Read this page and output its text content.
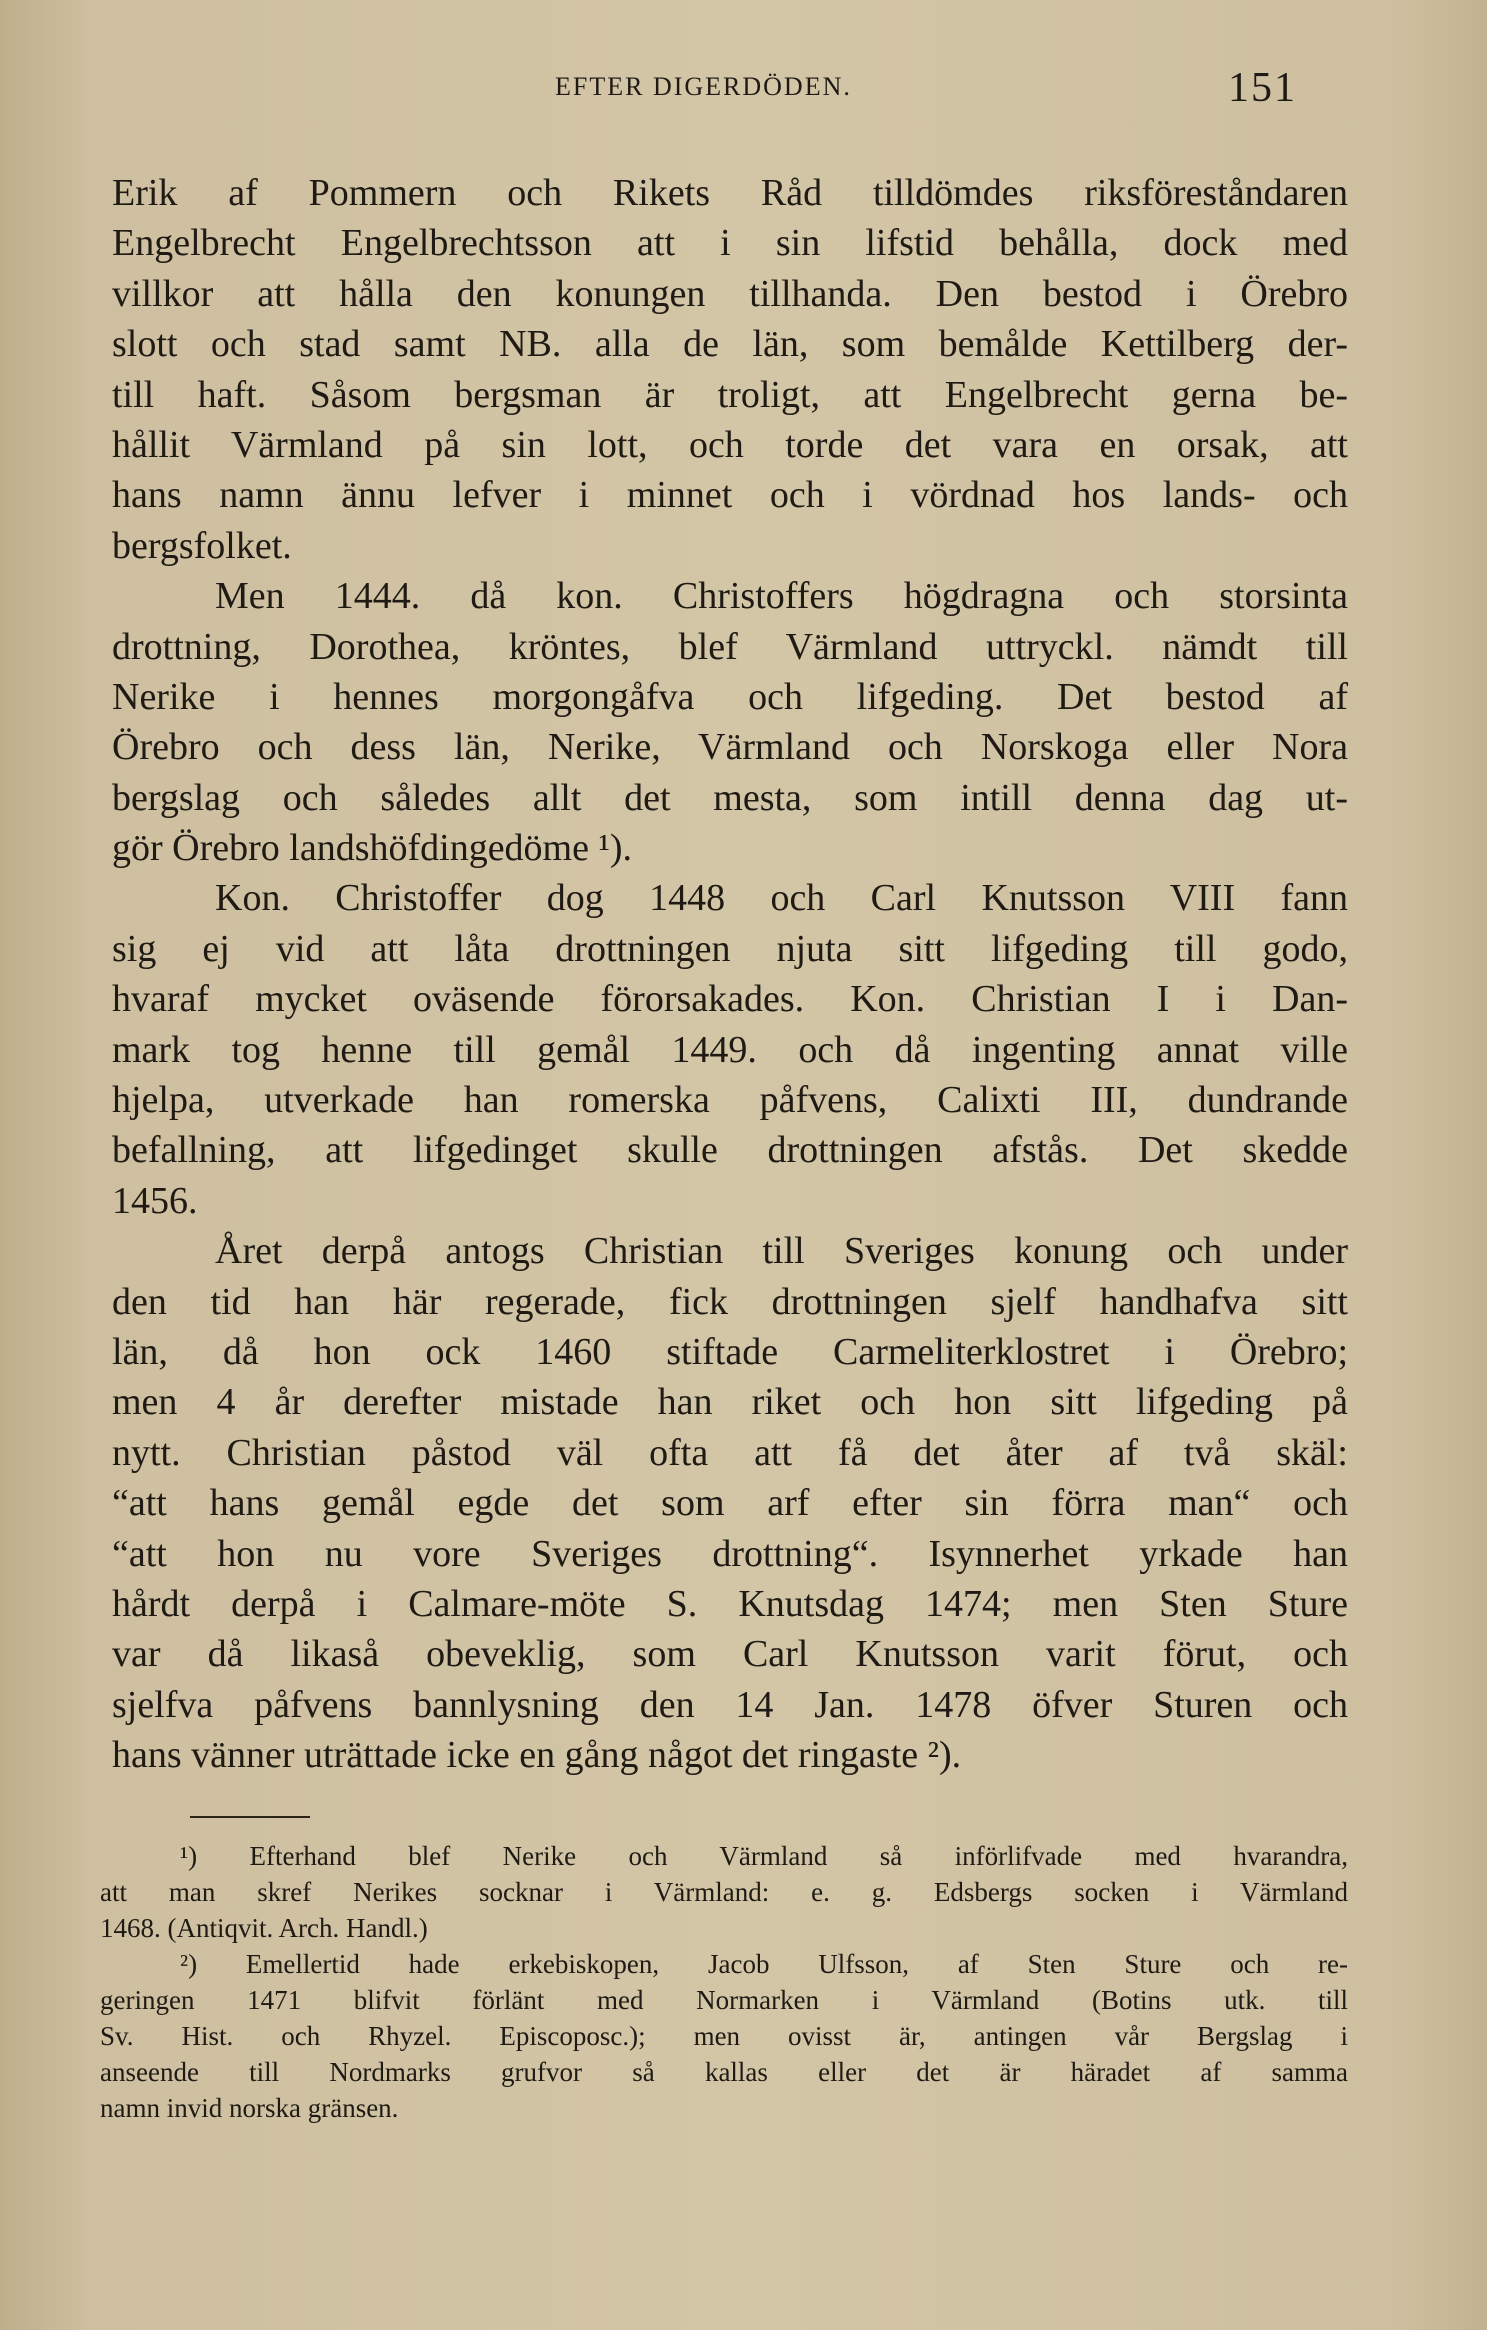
EFTER DIGERDÖDEN.	151
Erik af Pommern och Rikets Råd tilldömdes riksföreståndaren
Engelbrecht Engelbrechtsson att i sin lifstid behålla, dock med
villkor att hålla den konungen tillhanda. Den bestod i Örebro
slott och stad samt NB. alla de län, som bemålde Kettilberg der-
till haft. Såsom bergsman är troligt, att Engelbrecht gerna be-
hållit Värmland på sin lott, och torde det vara en orsak, att
hans namn ännu lefver i minnet och i vördnad hos lands- och
bergsfolket.
Men 1444. då kon. Christoffers högdragna och storsinta
drottning, Dorothea, kröntes, blef Värmland uttryckl. nämdt till
Nerike i hennes morgongåfva och lifgeding. Det bestod af
Örebro och dess län, Nerike, Värmland och Norskoga eller Nora
bergslag och således allt det mesta, som intill denna dag ut-
gör Örebro landshöfdingedöme ¹).
Kon. Christoffer dog 1448 och Carl Knutsson VIII fann
sig ej vid att låta drottningen njuta sitt lifgeding till godo,
hvaraf mycket oväsende förorsakades. Kon. Christian I i Dan-
mark tog henne till gemål 1449. och då ingenting annat ville
hjelpa, utverkade han romerska påfvens, Calixti III, dundrande
befallning, att lifgedinget skulle drottningen afstås. Det skedde
1456.
Året derpå antogs Christian till Sveriges konung och under
den tid han här regerade, fick drottningen sjelf handhafva sitt
län, då hon ock 1460 stiftade Carmeliterklostret i Örebro;
men 4 år derefter mistade han riket och hon sitt lifgeding på
nytt. Christian påstod väl ofta att få det åter af två skäl:
“att hans gemål egde det som arf efter sin förra man“ och
“att hon nu vore Sveriges drottning“. Isynnerhet yrkade han
hårdt derpå i Calmare-möte S. Knutsdag 1474; men Sten Sture
var då likaså obeveklig, som Carl Knutsson varit förut, och
sjelfva påfvens bannlysning den 14 Jan. 1478 öfver Sturen och
hans vänner uträttade icke en gång något det ringaste ²).
¹) Efterhand blef Nerike och Värmland så införlifvade med hvarandra,
att man skref Nerikes socknar i Värmland: e. g. Edsbergs socken i Värmland
1468. (Antiqvit. Arch. Handl.)
²) Emellertid hade erkebiskopen, Jacob Ulfsson, af Sten Sture och re-
geringen 1471 blifvit förlänt med Normarken i Värmland (Botins utk. till
Sv. Hist. och Rhyzel. Episcoposc.); men ovisst är, antingen vår Bergslag i
anseende till Nordmarks grufvor så kallas eller det är häradet af samma
namn invid norska gränsen.
